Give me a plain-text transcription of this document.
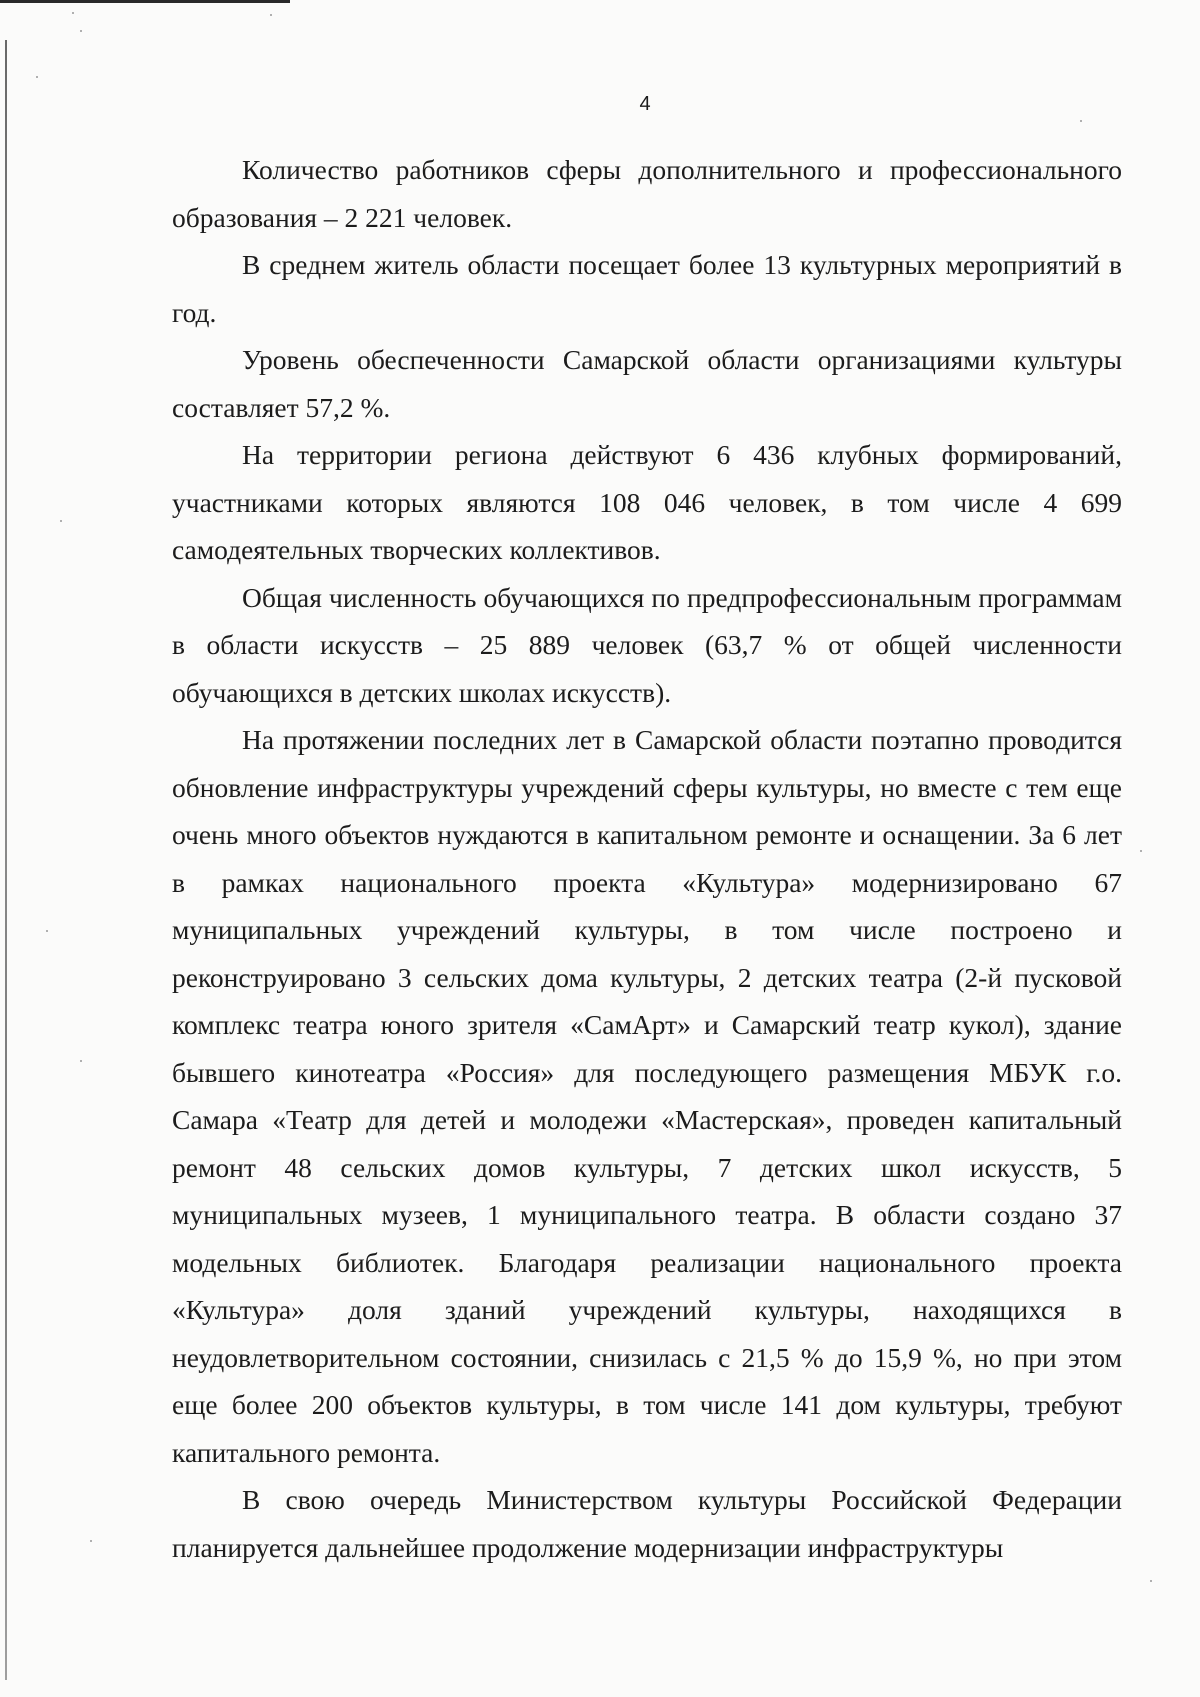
4

Количество работников сферы дополнительного и профессионального образования – 2 221 человек.

В среднем житель области посещает более 13 культурных мероприятий в год.

Уровень обеспеченности Самарской области организациями культуры составляет 57,2 %.

На территории региона действуют 6 436 клубных формирований, участниками которых являются 108 046 человек, в том числе 4 699 самодеятельных творческих коллективов.

Общая численность обучающихся по предпрофессиональным программам в области искусств – 25 889 человек (63,7 % от общей численности обучающихся в детских школах искусств).

На протяжении последних лет в Самарской области поэтапно проводится обновление инфраструктуры учреждений сферы культуры, но вместе с тем еще очень много объектов нуждаются в капитальном ремонте и оснащении. За 6 лет в рамках национального проекта «Культура» модернизировано 67 муниципальных учреждений культуры, в том числе построено и реконструировано 3 сельских дома культуры, 2 детских театра (2-й пусковой комплекс театра юного зрителя «СамАрт» и Самарский театр кукол), здание бывшего кинотеатра «Россия» для последующего размещения МБУК г.о. Самара «Театр для детей и молодежи «Мастерская», проведен капитальный ремонт 48 сельских домов культуры, 7 детских школ искусств, 5 муниципальных музеев, 1 муниципального театра. В области создано 37 модельных библиотек. Благодаря реализации национального проекта «Культура» доля зданий учреждений культуры, находящихся в неудовлетворительном состоянии, снизилась с 21,5 % до 15,9 %, но при этом еще более 200 объектов культуры, в том числе 141 дом культуры, требуют капитального ремонта.

В свою очередь Министерством культуры Российской Федерации планируется дальнейшее продолжение модернизации инфраструктуры
